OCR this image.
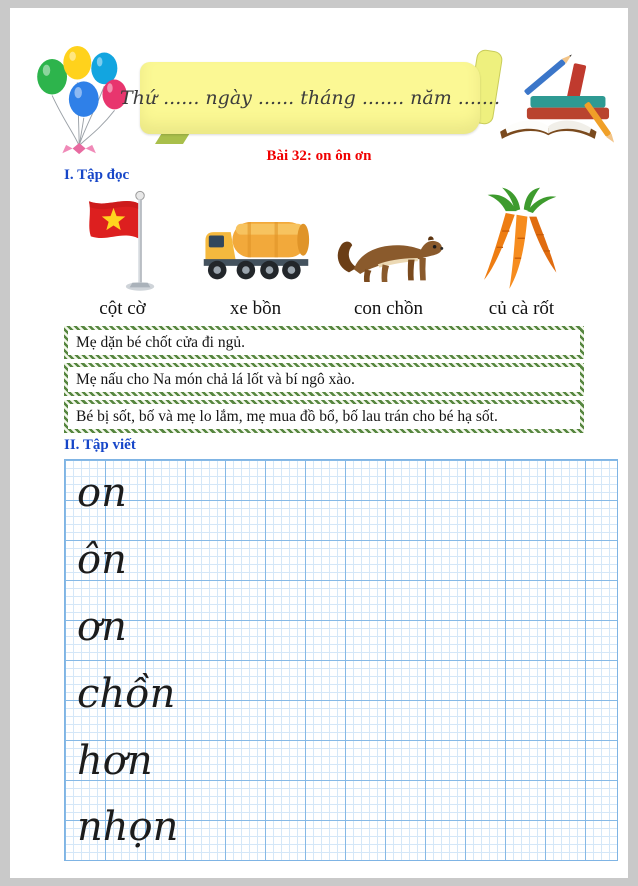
Thứ ...... ngày ...... tháng ....... năm .......
Bài 32: on ôn ơn
I. Tập đọc
cột cờ	xe bồn	con chồn	củ cà rốt
Mẹ dặn bé chốt cửa đi ngủ.
Mẹ nấu cho Na món chả lá lốt và bí ngô xào.
Bé bị sốt, bố và mẹ lo lắm, mẹ mua đồ bổ, bố lau trán cho bé hạ sốt.
II. Tập viết
on
ôn
ơn
chồn
hơn
nhọn
